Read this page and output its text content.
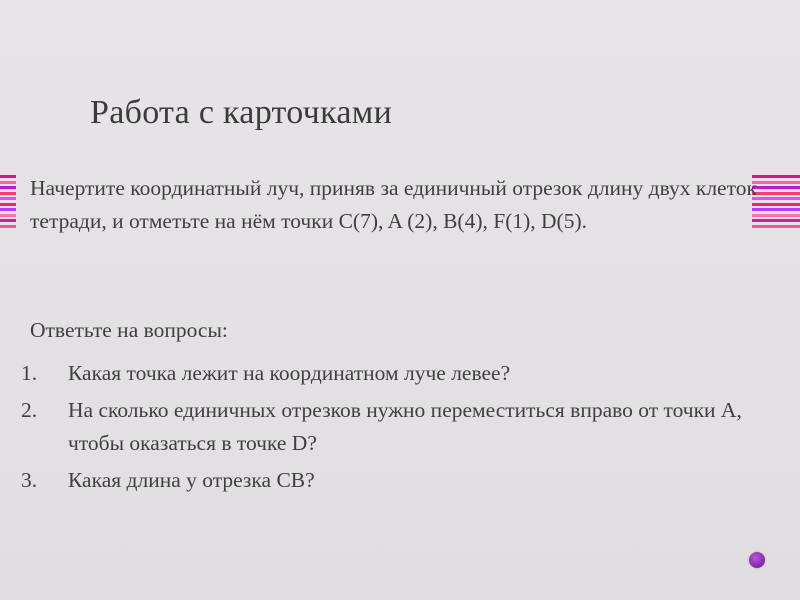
Работа с карточками

Начертите координатный луч, приняв за единичный отрезок длину двух клеток тетради, и отметьте на нём точки C(7), A (2), B(4), F(1), D(5).

Ответьте на вопросы:
1. Какая точка лежит на координатном луче левее?
2. На сколько единичных отрезков нужно переместиться вправо от точки A, чтобы оказаться в точке D?
3. Какая длина у отрезка CB?
